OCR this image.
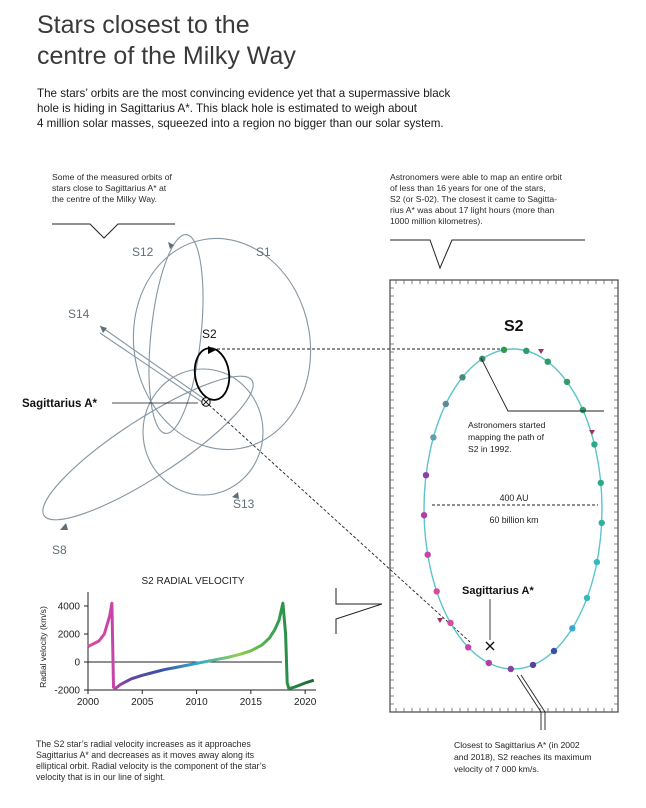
Stars closest to the
centre of the Milky Way
The stars’ orbits are the most convincing evidence yet that a supermassive black
hole is hiding in Sagittarius A*. This black hole is estimated to weigh about
4 million solar masses, squeezed into a region no bigger than our solar system.
Some of the measured orbits of
stars close to Sagittarius A* at
the centre of the Milky Way.
Astronomers were able to map an entire orbit
of less than 16 years for one of the stars,
S2 (or S-02). The closest it came to Sagitta-
rius A* was about 17 light hours (more than
1000 million kilometres).
S12	S1
S14
S2
S13
S8
Sagittarius A*
S2
400 AU
60 billion km
Astronomers started mapping the path of S2 in 1992.
Sagittarius A*
Closest to Sagittarius A* (in 2002 and 2018), S2 reaches its maximum velocity of 7 000 km/s.
S2 RADIAL VELOCITY
Radial velocity (km/s)
-2000
0
2000
4000
2000	2005	2010	2015	2020
The S2 star’s radial velocity increases as it approaches
Sagittarius A* and decreases as it moves away along its
elliptical orbit. Radial velocity is the component of the star’s
velocity that is in our line of sight.
